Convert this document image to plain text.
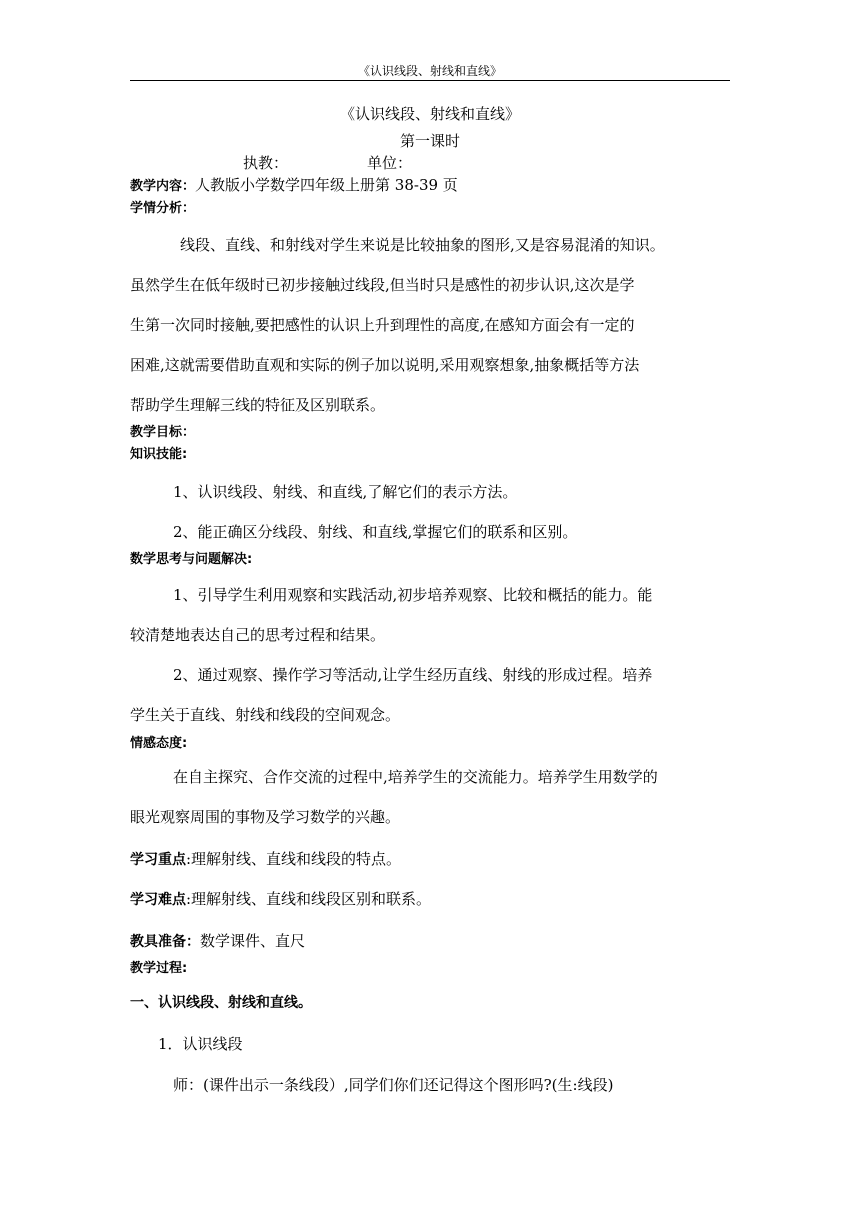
《认识线段、射线和直线》
《认识线段、射线和直线》
第一课时
执教：	单位：
教学内容：人教版小学数学四年级上册第 38-39 页
学情分析：
线段、直线、和射线对学生来说是比较抽象的图形,又是容易混淆的知识。
虽然学生在低年级时已初步接触过线段,但当时只是感性的初步认识,这次是学
生第一次同时接触,要把感性的认识上升到理性的高度,在感知方面会有一定的
困难,这就需要借助直观和实际的例子加以说明,采用观察想象,抽象概括等方法
帮助学生理解三线的特征及区别联系。
教学目标：
知识技能:
1、认识线段、射线、和直线,了解它们的表示方法。
2、能正确区分线段、射线、和直线,掌握它们的联系和区别。
数学思考与问题解决:
1、引导学生利用观察和实践活动,初步培养观察、比较和概括的能力。能
较清楚地表达自己的思考过程和结果。
2、通过观察、操作学习等活动,让学生经历直线、射线的形成过程。培养
学生关于直线、射线和线段的空间观念。
情感态度:
在自主探究、合作交流的过程中,培养学生的交流能力。培养学生用数学的
眼光观察周围的事物及学习数学的兴趣。
学习重点:理解射线、直线和线段的特点。
学习难点:理解射线、直线和线段区别和联系。
教具准备：数学课件、直尺
教学过程:
一、认识线段、射线和直线。
1．认识线段
师：(课件出示一条线段）,同学们你们还记得这个图形吗?(生:线段)
